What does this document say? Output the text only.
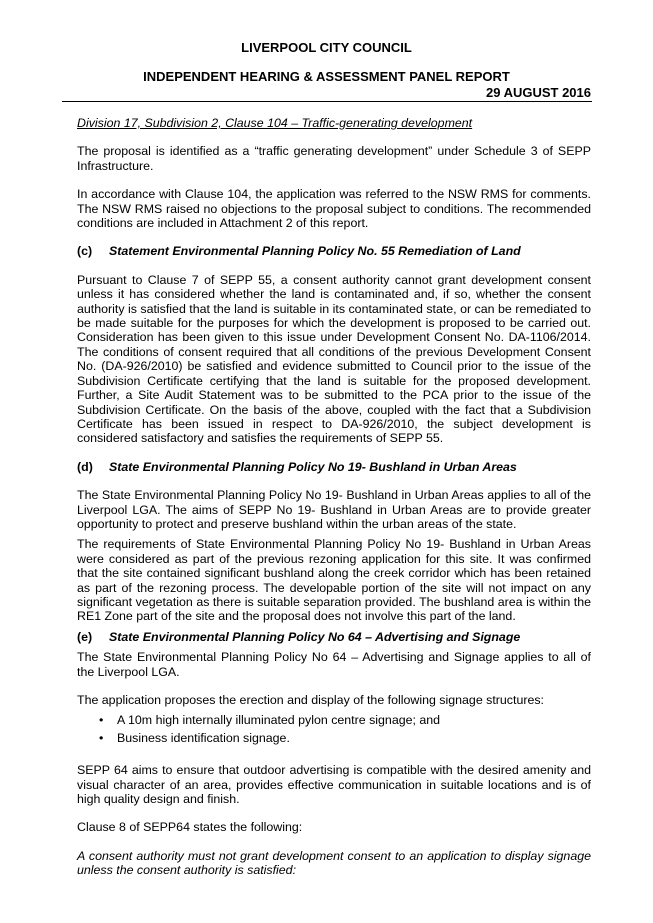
LIVERPOOL CITY COUNCIL
INDEPENDENT HEARING & ASSESSMENT PANEL REPORT
29 AUGUST 2016
Division 17, Subdivision 2, Clause 104 – Traffic-generating development

The proposal is identified as a “traffic generating development” under Schedule 3 of SEPP Infrastructure.

In accordance with Clause 104, the application was referred to the NSW RMS for comments. The NSW RMS raised no objections to the proposal subject to conditions. The recommended conditions are included in Attachment 2 of this report.

(c)	Statement Environmental Planning Policy No. 55 Remediation of Land

Pursuant to Clause 7 of SEPP 55, a consent authority cannot grant development consent unless it has considered whether the land is contaminated and, if so, whether the consent authority is satisfied that the land is suitable in its contaminated state, or can be remediated to be made suitable for the purposes for which the development is proposed to be carried out. Consideration has been given to this issue under Development Consent No. DA-1106/2014. The conditions of consent required that all conditions of the previous Development Consent No. (DA-926/2010) be satisfied and evidence submitted to Council prior to the issue of the Subdivision Certificate certifying that the land is suitable for the proposed development. Further, a Site Audit Statement was to be submitted to the PCA prior to the issue of the Subdivision Certificate. On the basis of the above, coupled with the fact that a Subdivision Certificate has been issued in respect to DA-926/2010, the subject development is considered satisfactory and satisfies the requirements of SEPP 55.

(d)	State Environmental Planning Policy No 19- Bushland in Urban Areas

The State Environmental Planning Policy No 19- Bushland in Urban Areas applies to all of the Liverpool LGA. The aims of SEPP No 19- Bushland in Urban Areas are to provide greater opportunity to protect and preserve bushland within the urban areas of the state.

The requirements of State Environmental Planning Policy No 19- Bushland in Urban Areas were considered as part of the previous rezoning application for this site. It was confirmed that the site contained significant bushland along the creek corridor which has been retained as part of the rezoning process. The developable portion of the site will not impact on any significant vegetation as there is suitable separation provided. The bushland area is within the RE1 Zone part of the site and the proposal does not involve this part of the land.

(e)	State Environmental Planning Policy No 64 – Advertising and Signage

The State Environmental Planning Policy No 64 – Advertising and Signage applies to all of the Liverpool LGA.

The application proposes the erection and display of the following signage structures:

•	A 10m high internally illuminated pylon centre signage; and
•	Business identification signage.

SEPP 64 aims to ensure that outdoor advertising is compatible with the desired amenity and visual character of an area, provides effective communication in suitable locations and is of high quality design and finish.

Clause 8 of SEPP64 states the following:

A consent authority must not grant development consent to an application to display signage unless the consent authority is satisfied:
